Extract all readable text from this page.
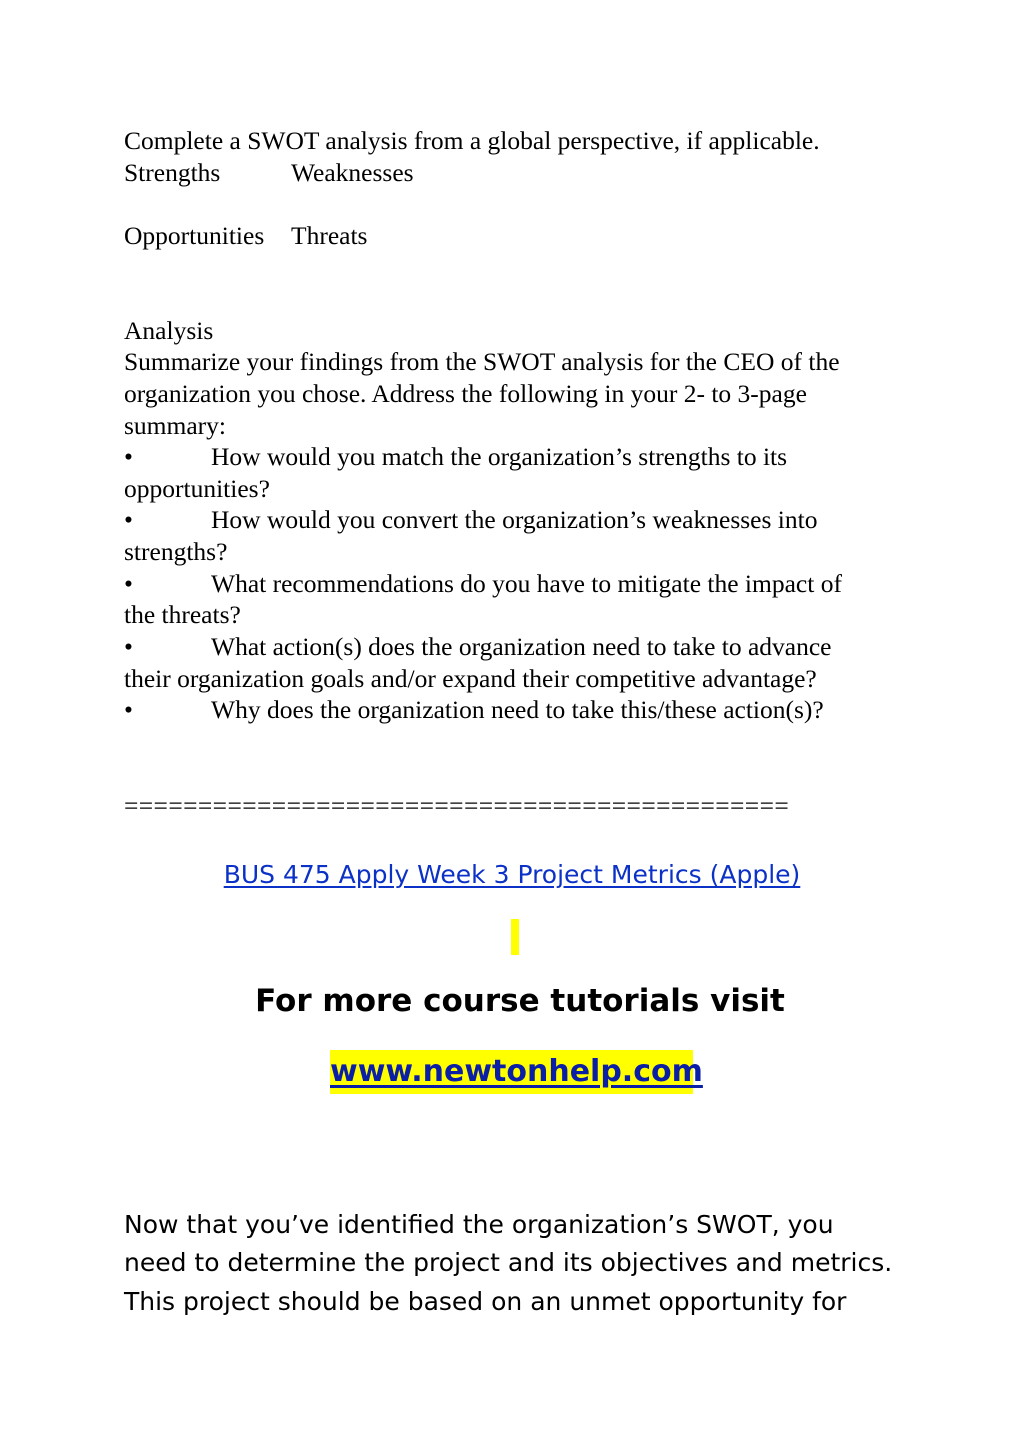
Complete a SWOT analysis from a global perspective, if applicable.
Strengths	Weaknesses
Opportunities Threats
Analysis
Summarize your findings from the SWOT analysis for the CEO of the
organization you chose. Address the following in your 2- to 3-page
summary:
•	How would you match the organization’s strengths to its
opportunities?
•	How would you convert the organization’s weaknesses into
strengths?
•	What recommendations do you have to mitigate the impact of
the threats?
•	What action(s) does the organization need to take to advance
their organization goals and/or expand their competitive advantage?
•	Why does the organization need to take this/these action(s)?
=============================================
BUS 475 Apply Week 3 Project Metrics (Apple)
For more course tutorials visit
www.newtonhelp.com
Now that you’ve identified the organization’s SWOT, you
need to determine the project and its objectives and metrics.
This project should be based on an unmet opportunity for
